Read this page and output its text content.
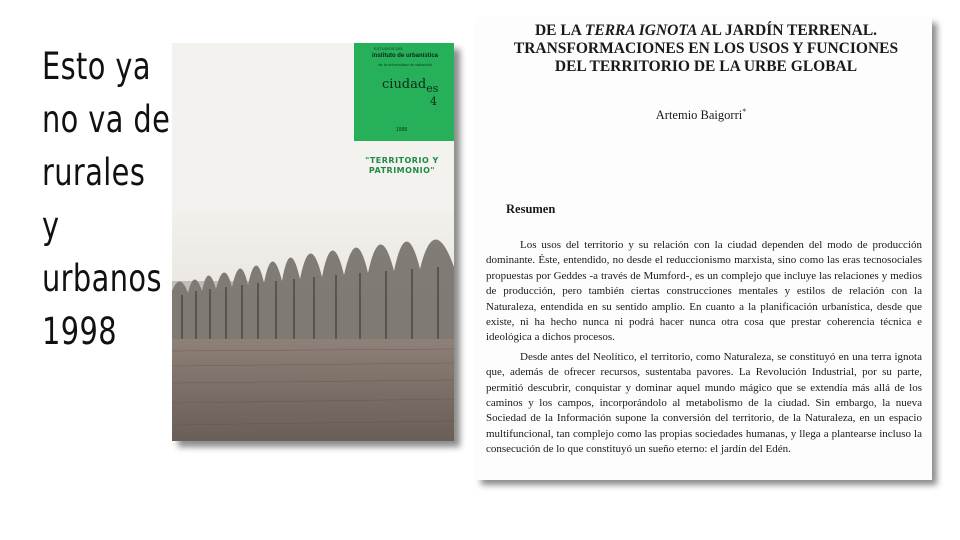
Esto ya
no va de
rurales
y
urbanos
1998
ESTUDIOS DEL
instituto de urbanística
de la universidad de valladolid
ciudad$_{es}$
4
1998
"TERRITORIO Y PATRIMONIO"
DE LA TERRA IGNOTA AL JARDÍN TERRENAL.
TRANSFORMACIONES EN LOS USOS Y FUNCIONES
DEL TERRITORIO DE LA URBE GLOBAL
Artemio Baigorri*
Resumen

Los usos del territorio y su relación con la ciudad dependen del modo de producción dominante. Éste, entendido, no desde el reduccionismo marxista, sino como las eras tecnosociales propuestas por Geddes -a través de Mumford-, es un complejo que incluye las relaciones y medios de producción, pero también ciertas construcciones mentales y estilos de relación con la Naturaleza, entendida en su sentido amplio. En cuanto a la planificación urbanística, desde que existe, ni ha hecho nunca ni podrá hacer nunca otra cosa que prestar coherencia técnica e ideológica a dichos procesos.

Desde antes del Neolítico, el territorio, como Naturaleza, se constituyó en una terra ignota que, además de ofrecer recursos, sustentaba pavores. La Revolución Industrial, por su parte, permitió descubrir, conquistar y dominar aquel mundo mágico que se extendía más allá de los caminos y los campos, incorporándolo al metabolismo de la ciudad. Sin embargo, la nueva Sociedad de la Información supone la conversión del territorio, de la Naturaleza, en un espacio multifuncional, tan complejo como las propias sociedades humanas, y llega a plantearse incluso la consecución de lo que constituyó un sueño eterno: el jardín del Edén.
